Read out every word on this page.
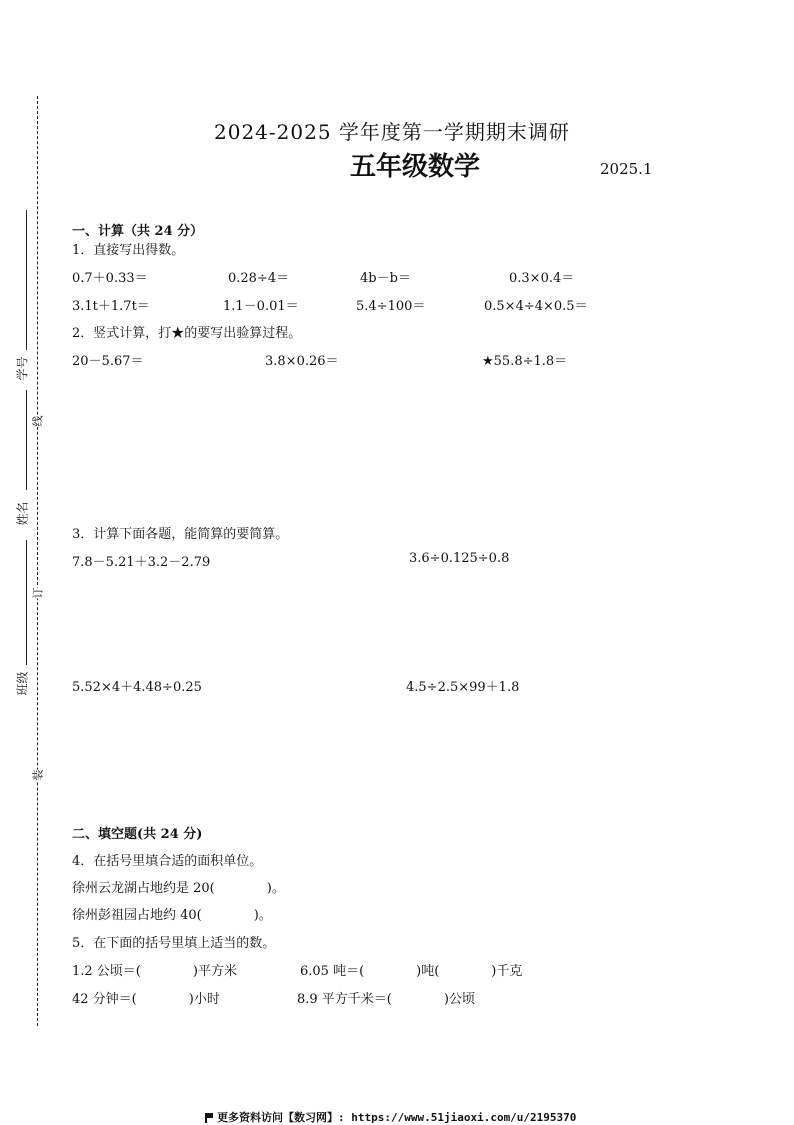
学号
姓名
班级
线
订
装
2024-2025 学年度第一学期期末调研
五年级数学	2025.1
一、计算（共 24 分）
1．直接写出得数。
0.7＋0.33＝	0.28÷4＝	4b－b＝	0.3×0.4＝
3.1t＋1.7t＝	1.1－0.01＝	5.4÷100＝	0.5×4÷4×0.5＝
2．竖式计算，打★的要写出验算过程。
20－5.67＝	3.8×0.26＝	★55.8÷1.8＝
3．计算下面各题，能简算的要简算。
7.8－5.21＋3.2－2.79	3.6÷0.125÷0.8
5.52×4＋4.48÷0.25	4.5÷2.5×99＋1.8
二、填空题(共 24 分)
4．在括号里填合适的面积单位。
徐州云龙湖占地约是 20(　　　　)。
徐州彭祖园占地约 40(　　　　)。
5．在下面的括号里填上适当的数。
1.2 公顷＝(　　　　)平方米	6.05 吨＝(　　　　)吨(　　　　)千克
42 分钟＝(　　　　)小时	8.9 平方千米＝(　　　　)公顷
更多资料访问【数习网】: https://www.51jiaoxi.com/u/2195370
